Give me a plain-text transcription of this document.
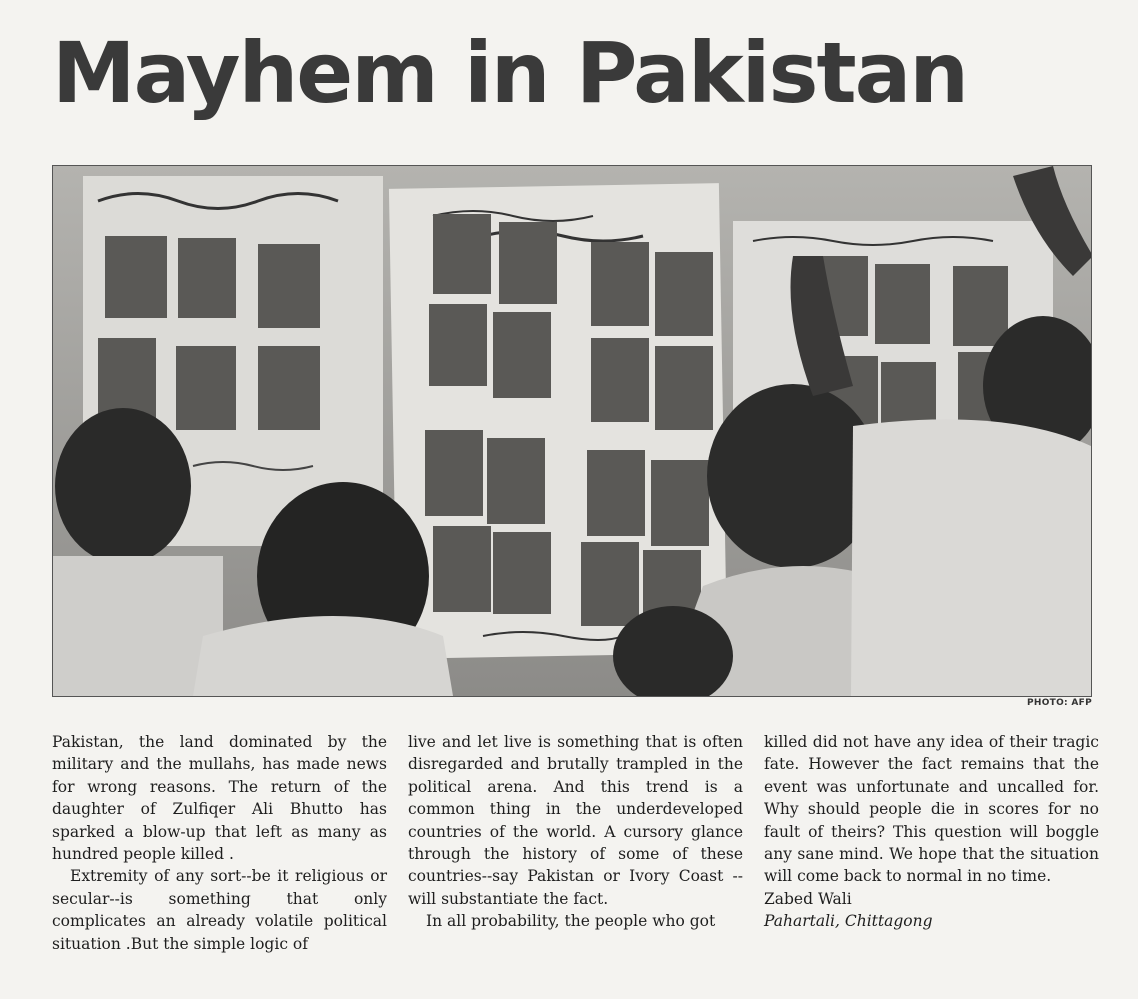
Mayhem in Pakistan
PHOTO: AFP

Pakistan, the land dominated by the military and the mullahs, has made news for wrong reasons. The return of the daughter of Zulfiqer Ali Bhutto has sparked a blow-up that left as many as hundred people killed .

Extremity of any sort--be it religious or secular--is something that only complicates an already volatile political situation .But the simple logic of

live and let live is something that is often disregarded and brutally trampled in the political arena. And this trend is a common thing in the underdeveloped countries of the world. A cursory glance through the history of some of these countries--say Pakistan or Ivory Coast -- will substantiate the fact.

In all probability, the people who got

killed did not have any idea of their tragic fate. However the fact remains that the event was unfortunate and uncalled for. Why should people die in scores for no fault of theirs? This question will boggle any sane mind. We hope that the situation will come back to normal in no time.

Zabed Wali
Pahartali, Chittagong
